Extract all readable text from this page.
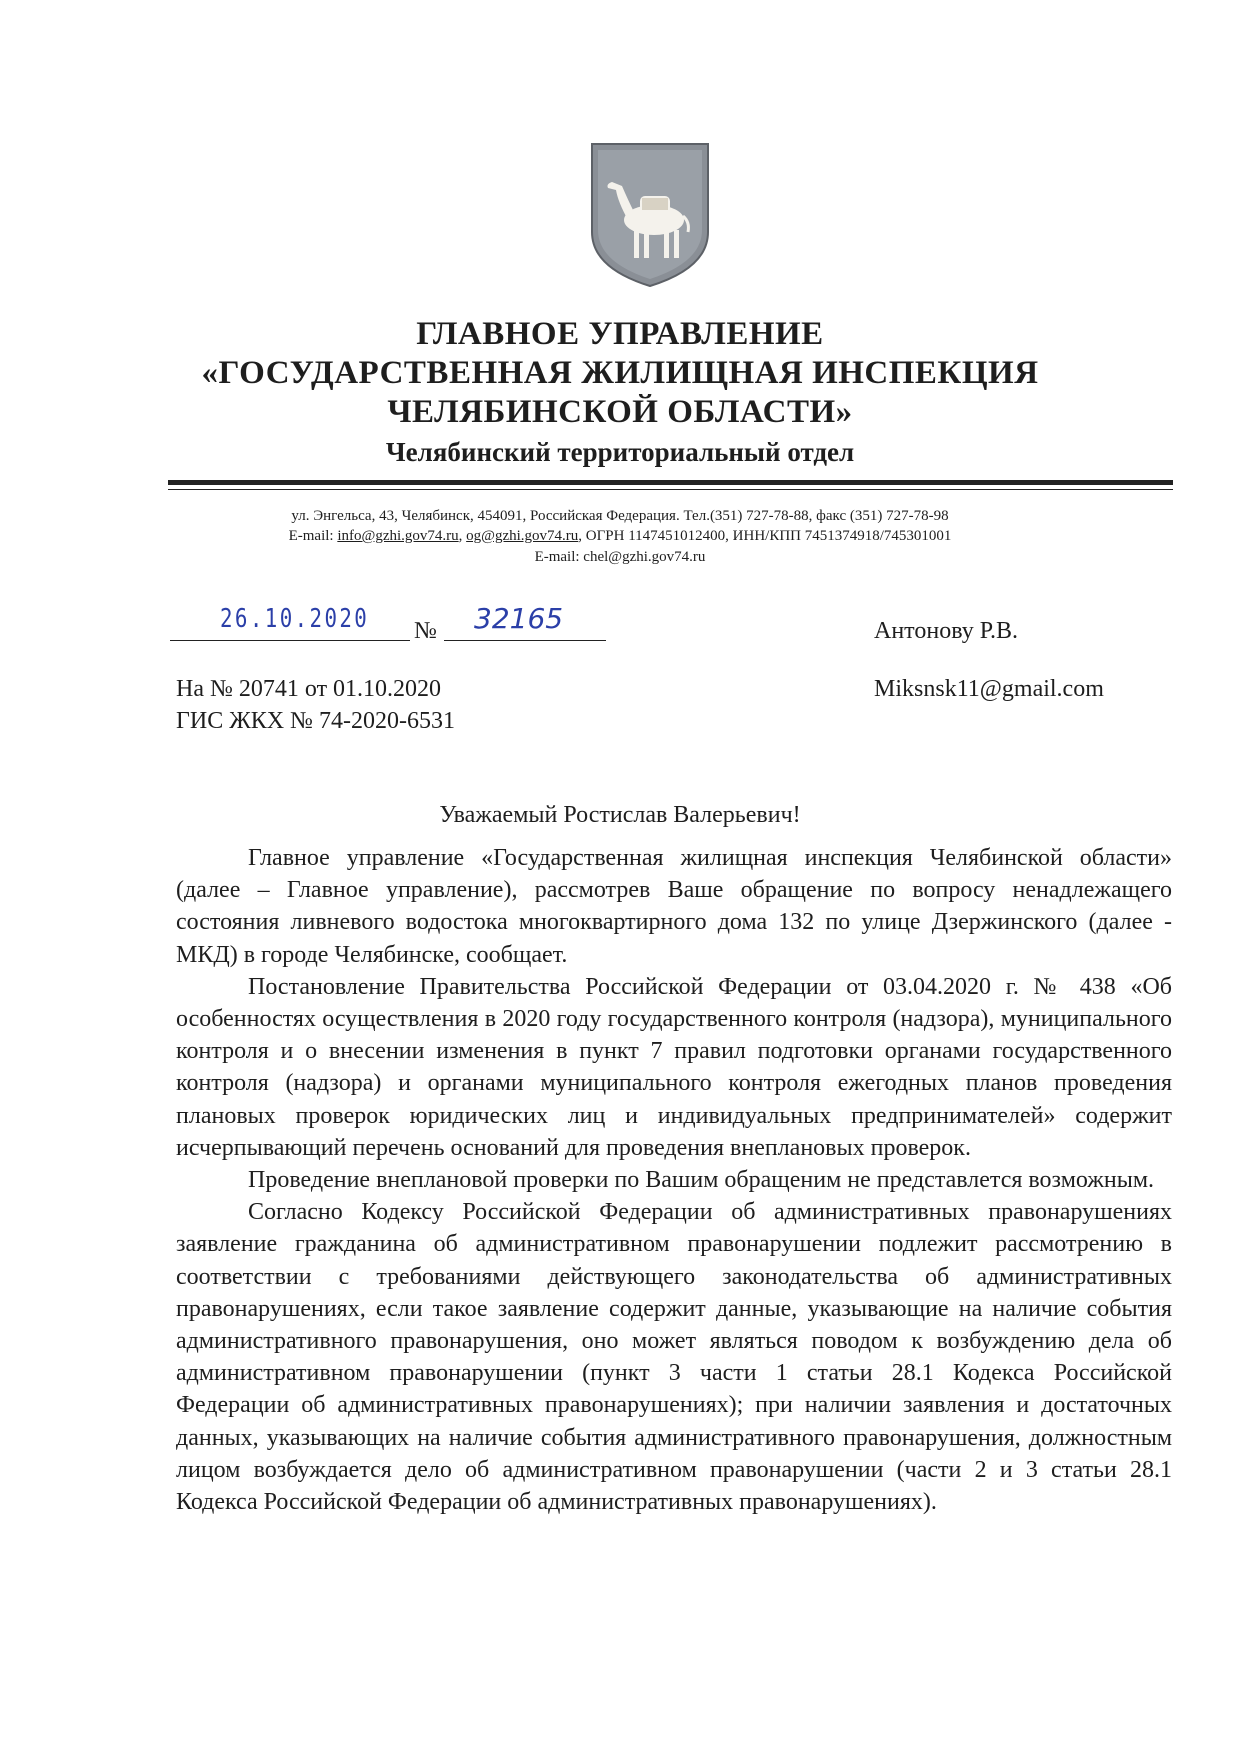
ГЛАВНОЕ УПРАВЛЕНИЕ
«ГОСУДАРСТВЕННАЯ ЖИЛИЩНАЯ ИНСПЕКЦИЯ
ЧЕЛЯБИНСКОЙ ОБЛАСТИ»
Челябинский территориальный отдел
ул. Энгельса, 43, Челябинск, 454091, Российская Федерация. Тел.(351) 727-78-88, факс (351) 727-78-98
E-mail: info@gzhi.gov74.ru, og@gzhi.gov74.ru, ОГРН 1147451012400, ИНН/КПП 7451374918/745301001
E-mail: chel@gzhi.gov74.ru
26.10.2020 № 32165	Антонову Р.В.
Miksnsk11@gmail.com
На № 20741 от 01.10.2020
ГИС ЖКХ № 74-2020-6531
Уважаемый Ростислав Валерьевич!

Главное управление «Государственная жилищная инспекция Челябинской области» (далее – Главное управление), рассмотрев Ваше обращение по вопросу ненадлежащего состояния ливневого водостока многоквартирного дома 132 по улице Дзержинского (далее - МКД) в городе Челябинске, сообщает.

Постановление Правительства Российской Федерации от 03.04.2020 г. № 438 «Об особенностях осуществления в 2020 году государственного контроля (надзора), муниципального контроля и о внесении изменения в пункт 7 правил подготовки органами государственного контроля (надзора) и органами муниципального контроля ежегодных планов проведения плановых проверок юридических лиц и индивидуальных предпринимателей» содержит исчерпывающий перечень оснований для проведения внеплановых проверок.

Проведение внеплановой проверки по Вашим обращеним не представлется возможным.

Согласно Кодексу Российской Федерации об административных правонарушениях заявление гражданина об административном правонарушении подлежит рассмотрению в соответствии с требованиями действующего законодательства об административных правонарушениях, если такое заявление содержит данные, указывающие на наличие события административного правонарушения, оно может являться поводом к возбуждению дела об административном правонарушении (пункт 3 части 1 статьи 28.1 Кодекса Российской Федерации об административных правонарушениях); при наличии заявления и достаточных данных, указывающих на наличие события административного правонарушения, должностным лицом возбуждается дело об административном правонарушении (части 2 и 3 статьи 28.1 Кодекса Российской Федерации об административных правонарушениях).
